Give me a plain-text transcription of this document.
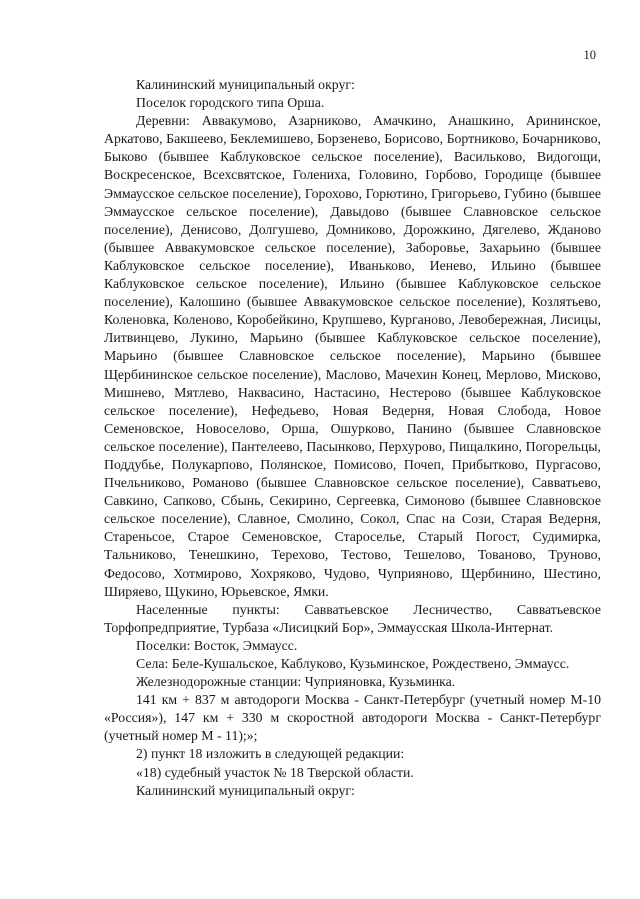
10

Калининский муниципальный округ:

Поселок городского типа Орша.

Деревни: Аввакумово, Азарниково, Амачкино, Анашкино, Арининское, Аркатово, Бакшеево, Беклемишево, Борзенево, Борисово, Бортниково, Бочарниково, Быково (бывшее Каблуковское сельское поселение), Васильково, Видогощи, Воскресенское, Всехсвятское, Голениха, Головино, Горбово, Городище (бывшее Эммаусское сельское поселение), Горохово, Горютино, Григорьево, Губино (бывшее Эммаусское сельское поселение), Давыдово (бывшее Славновское сельское поселение), Денисово, Долгушево, Домниково, Дорожкино, Дягелево, Жданово (бывшее Аввакумовское сельское поселение), Заборовье, Захарьино (бывшее Каблуковское сельское поселение), Иваньково, Иенево, Ильино (бывшее Каблуковское сельское поселение), Ильино (бывшее Каблуковское сельское поселение), Калошино (бывшее Аввакумовское сельское поселение), Козлятьево, Коленовка, Коленово, Коробейкино, Крупшево, Курганово, Левобережная, Лисицы, Литвинцево, Лукино, Марьино (бывшее Каблуковское сельское поселение), Марьино (бывшее Славновское сельское поселение), Марьино (бывшее Щербининское сельское поселение), Маслово, Мачехин Конец, Мерлово, Мисково, Мишнево, Мятлево, Наквасино, Настасино, Нестерово (бывшее Каблуковское сельское поселение), Нефедьево, Новая Ведерня, Новая Слобода, Новое Семеновское, Новоселово, Орша, Ошурково, Панино (бывшее Славновское сельское поселение), Пантелеево, Пасынково, Перхурово, Пищалкино, Погорельцы, Поддубье, Полукарпово, Полянское, Помисово, Почеп, Прибытково, Пургасово, Пчельниково, Романово (бывшее Славновское сельское поселение), Савватьево, Савкино, Сапково, Сбынь, Секирино, Сергеевка, Симоново (бывшее Славновское сельское поселение), Славное, Смолино, Сокол, Спас на Сози, Старая Ведерня, Стареньсое, Старое Семеновское, Староселье, Старый Погост, Судимирка, Тальниково, Тенешкино, Терехово, Тестово, Тешелово, Тованово, Труново, Федосово, Хотмирово, Хохряково, Чудово, Чуприяново, Щербинино, Шестино, Ширяево, Щукино, Юрьевское, Ямки.

Населенные пункты: Савватьевское Лесничество, Савватьевское Торфопредприятие, Турбаза «Лисицкий Бор», Эммаусская Школа-Интернат.

Поселки: Восток, Эммаусс.

Села: Беле-Кушальское, Каблуково, Кузьминское, Рождествено, Эммаусс.

Железнодорожные станции: Чуприяновка, Кузьминка.

141 км + 837 м автодороги Москва - Санкт-Петербург (учетный номер М-10 «Россия»), 147 км + 330 м скоростной автодороги Москва - Санкт-Петербург (учетный номер М - 11);»;

2) пункт 18 изложить в следующей редакции:

«18) судебный участок № 18 Тверской области.

Калининский муниципальный округ:
